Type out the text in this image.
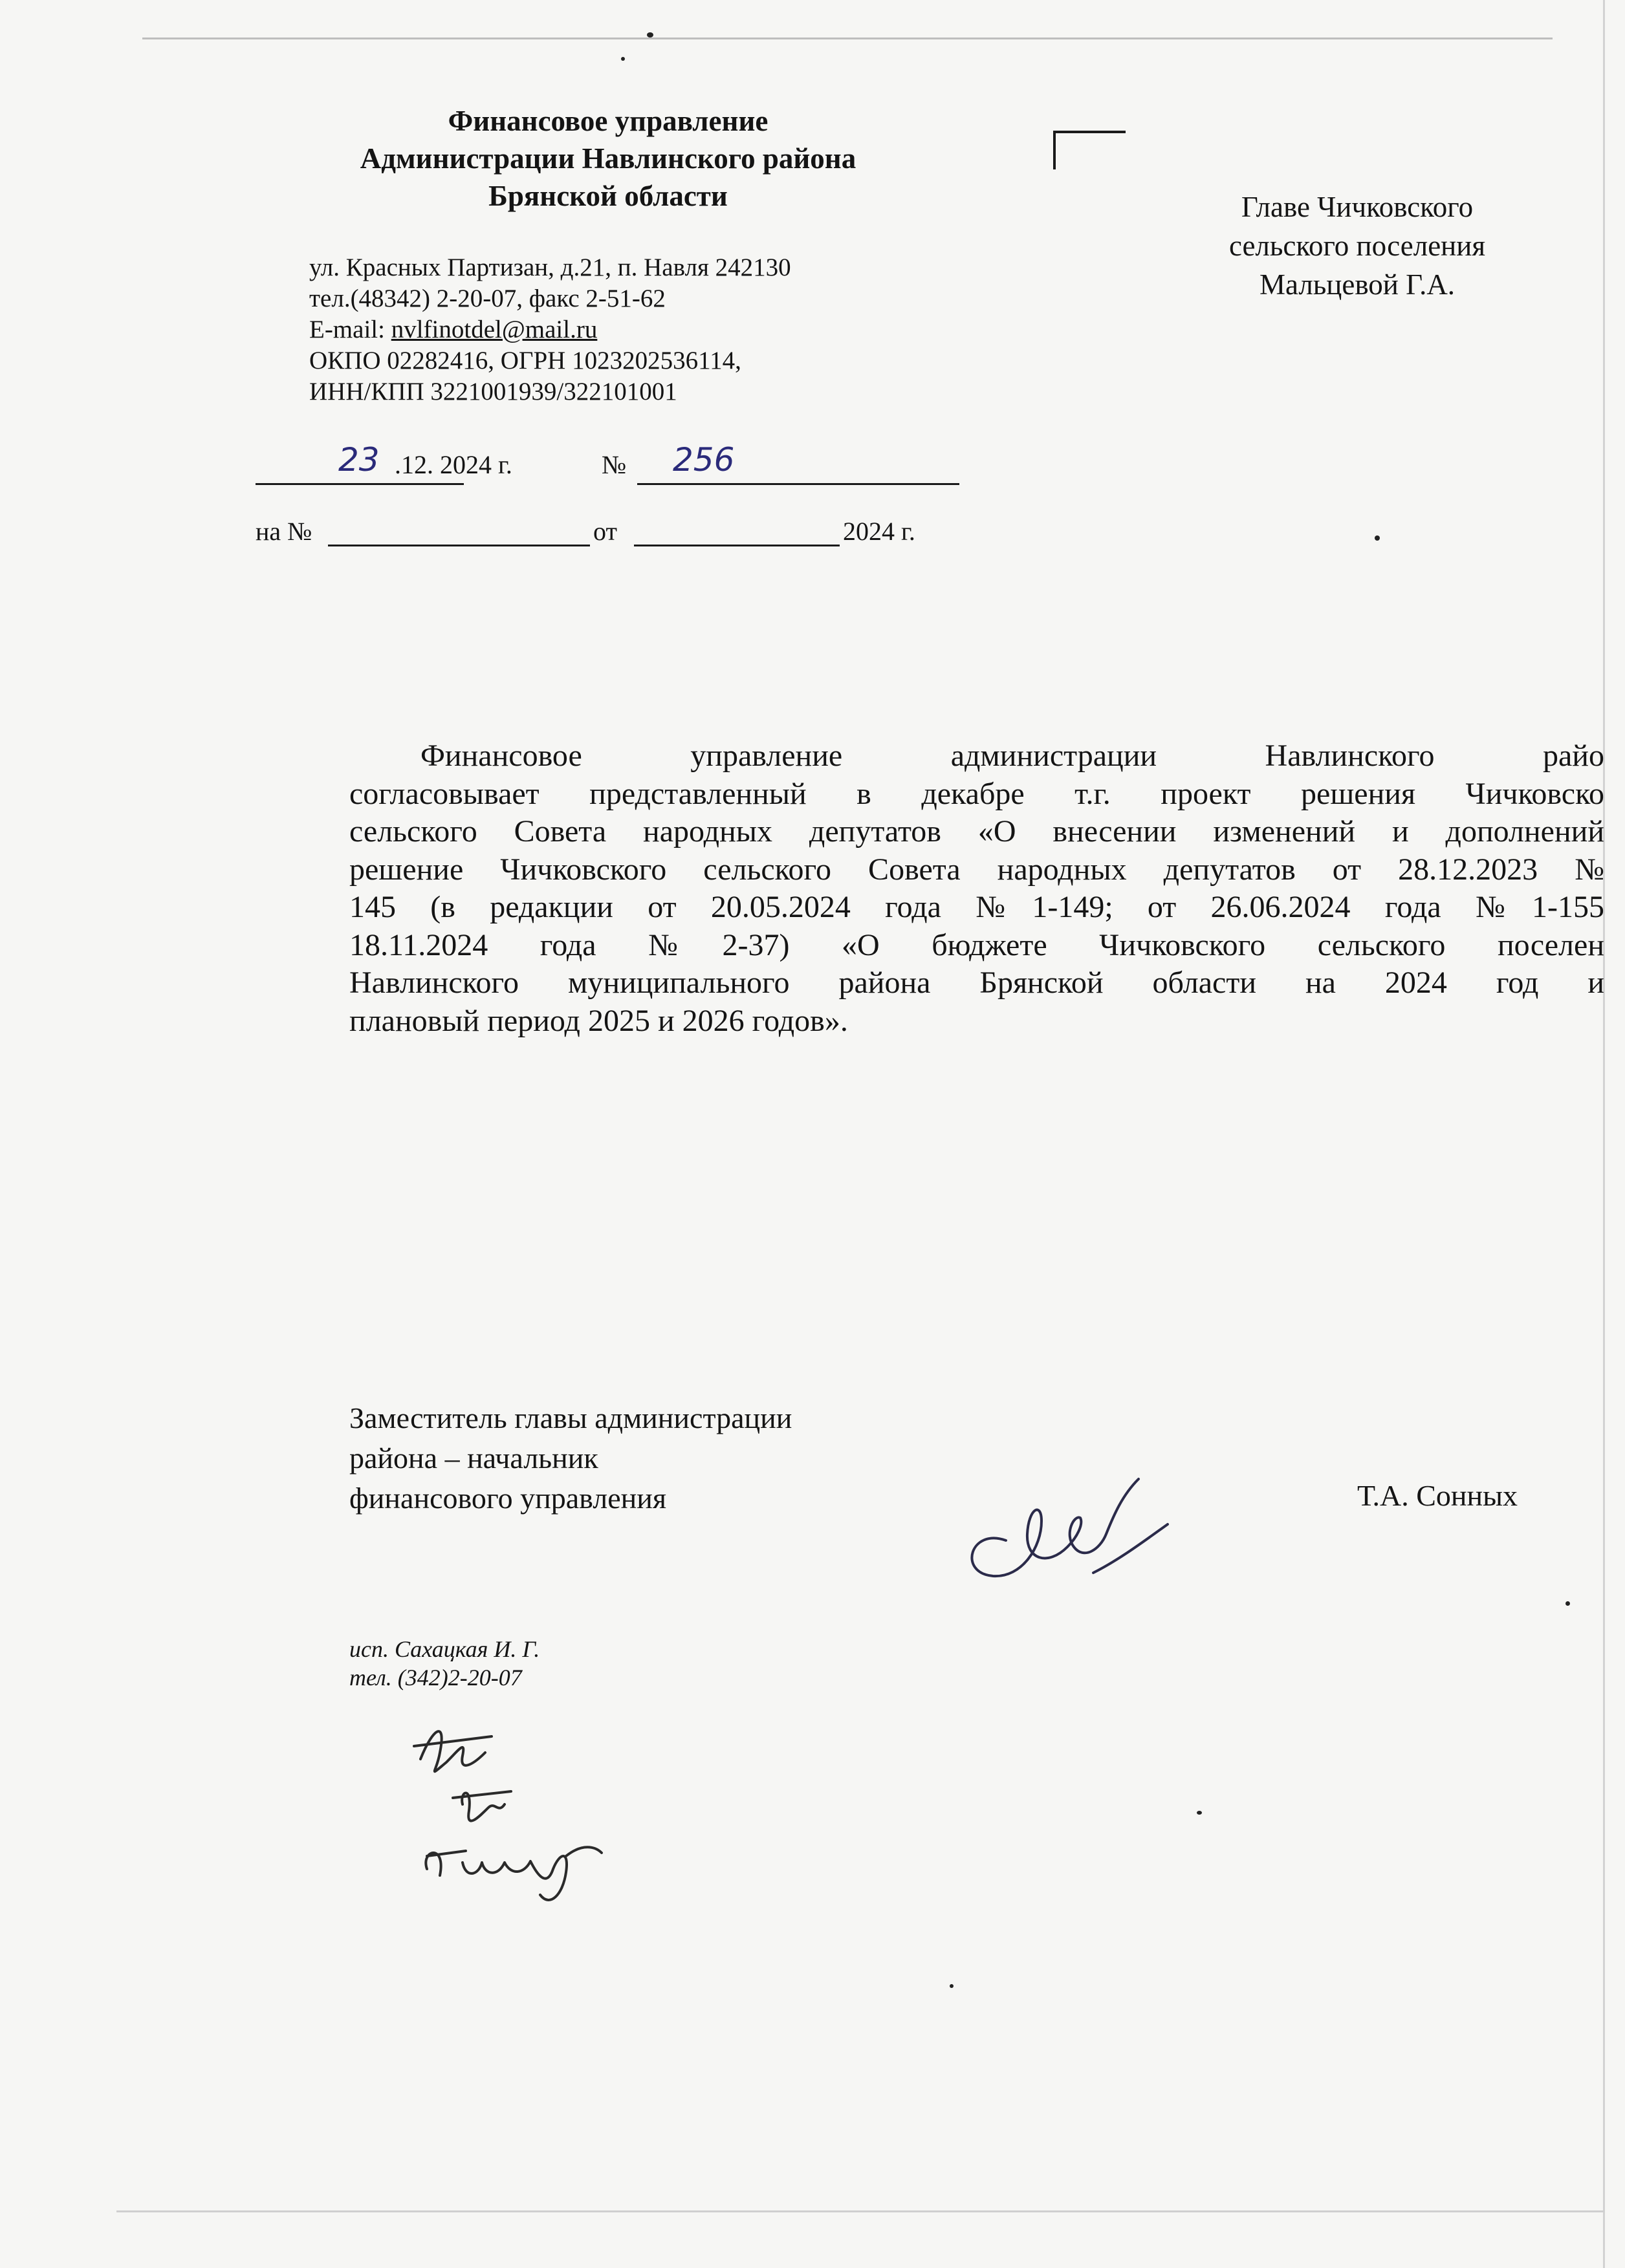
Финансовое управление
Администрации Навлинского района
Брянской области
ул. Красных Партизан, д.21, п. Навля 242130
тел.(48342) 2-20-07, факс 2-51-62
E-mail: nvlfinotdel@mail.ru
ОКПО 02282416, ОГРН 1023202536114,
ИНН/КПП 3221001939/322101001
Главе Чичковского
сельского поселения
Мальцевой Г.А.
23 .12. 2024 г.	№ 256
на №	от	2024 г.
Финансовое управление администрации Навлинского райо
согласовывает представленный в декабре т.г. проект решения Чичковско
сельского Совета народных депутатов «О внесении изменений и дополнений
решение Чичковского сельского Совета народных депутатов от 28.12.2023 №
145 (в редакции от 20.05.2024 года №1-149; от 26.06.2024 года №1-155
18.11.2024 года №2-37) «О бюджете Чичковского сельского поселен
Навлинского муниципального района Брянской области на 2024 год и
плановый период 2025 и 2026 годов».
Заместитель главы администрации
района – начальник
финансового управления	Т.А. Сонных
исп. Сахацкая И. Г.
тел. (342)2-20-07
